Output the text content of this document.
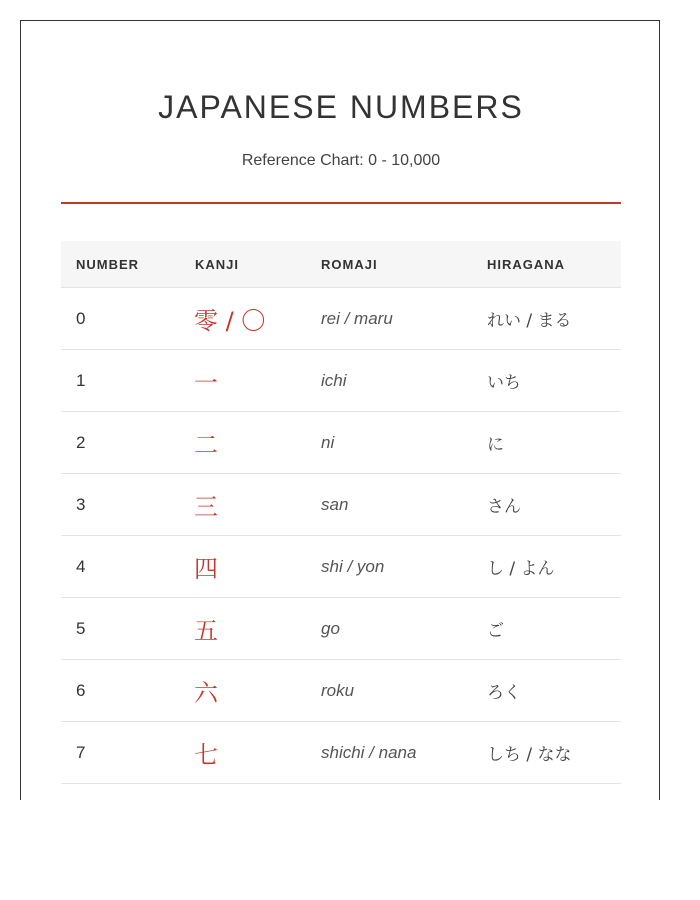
JAPANESE NUMBERS

Reference Chart: 0 - 10,000

NUMBER	KANJI	ROMAJI	HIRAGANA
0	零 / 〇	rei / maru	れい / まる
1	一	ichi	いち
2	二	ni	に
3	三	san	さん
4	四	shi / yon	し / よん
5	五	go	ご
6	六	roku	ろく
7	七	shichi / nana	しち / なな
